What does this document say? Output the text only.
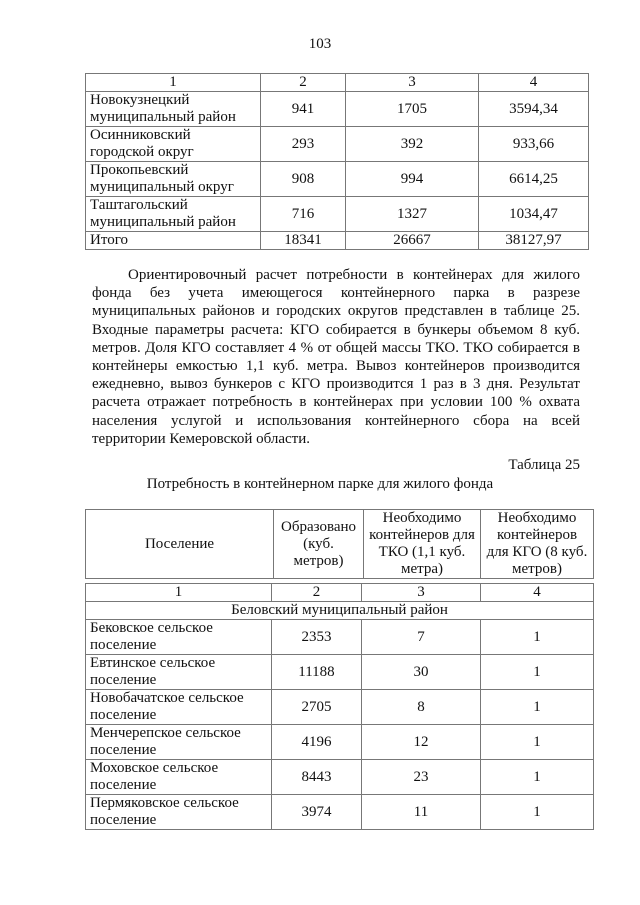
103
1	2	3	4
Новокузнецкий муниципальный район	941	1705	3594,34
Осинниковский городской округ	293	392	933,66
Прокопьевский муниципальный округ	908	994	6614,25
Таштагольский муниципальный район	716	1327	1034,47
Итого	18341	26667	38127,97

Ориентировочный расчет потребности в контейнерах для жилого фонда без учета имеющегося контейнерного парка в разрезе муниципальных районов и городских округов представлен в таблице 25. Входные параметры расчета: КГО собирается в бункеры объемом 8 куб. метров. Доля КГО составляет 4 % от общей массы ТКО. ТКО собирается в контейнеры емкостью 1,1 куб. метра. Вывоз контейнеров производится ежедневно, вывоз бункеров с КГО производится 1 раз в 3 дня. Результат расчета отражает потребность в контейнерах при условии 100 % охвата населения услугой и использования контейнерного сбора на всей территории Кемеровской области.

Таблица 25
Потребность в контейнерном парке для жилого фонда
Поселение	Образовано (куб. метров)	Необходимо контейнеров для ТКО (1,1 куб. метра)	Необходимо контейнеров для КГО (8 куб. метров)
1	2	3	4
Беловский муниципальный район			
Бековское сельское поселение	2353	7	1
Евтинское сельское поселение	11188	30	1
Новобачатское сельское поселение	2705	8	1
Менчерепское сельское поселение	4196	12	1
Моховское сельское поселение	8443	23	1
Пермяковское сельское поселение	3974	11	1
